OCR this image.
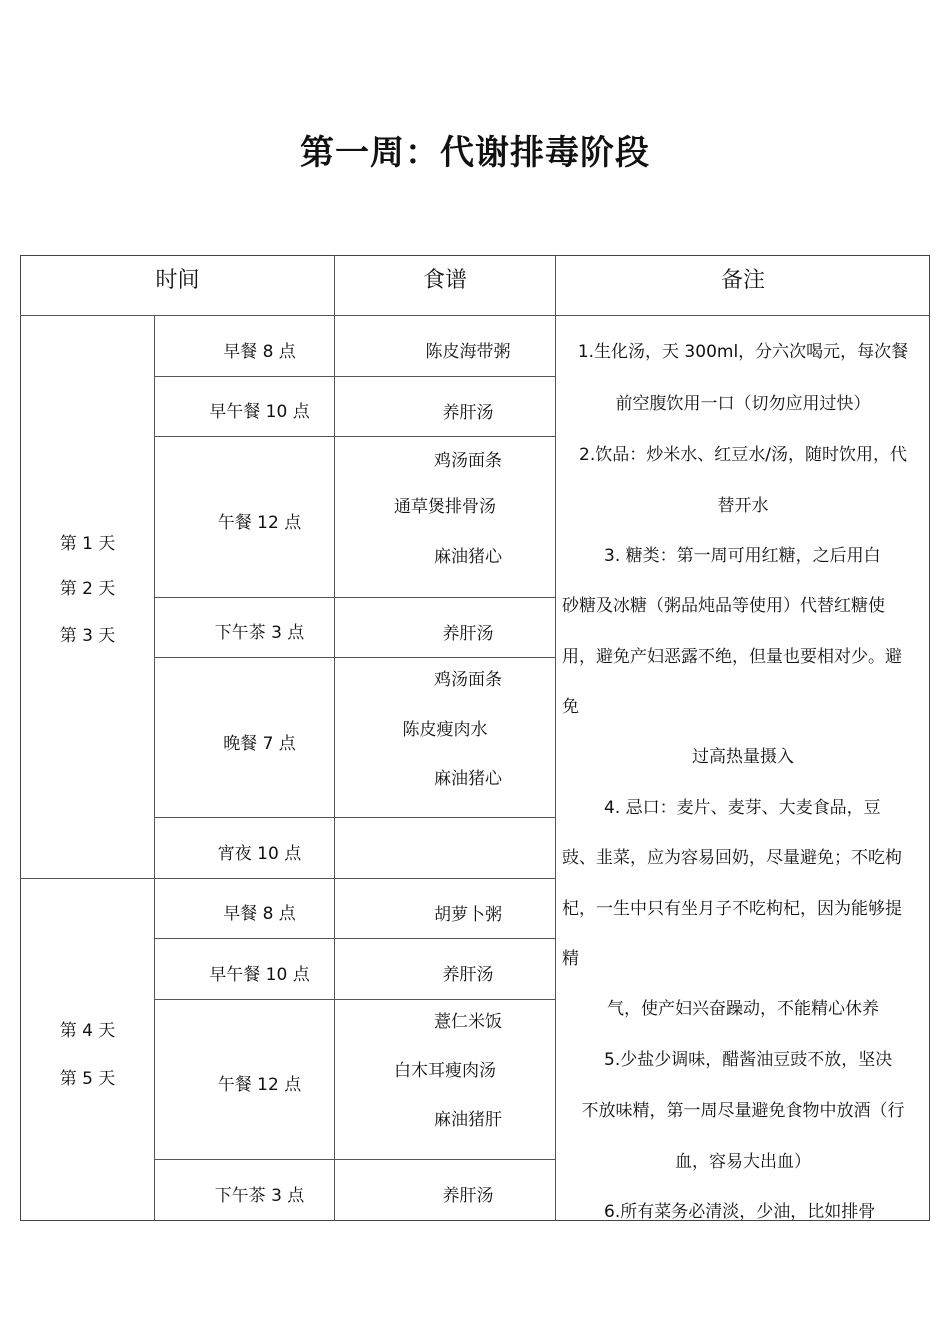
第一周：代谢排毒阶段
时间	食谱	备注
第 1 天
第 2 天
第 3 天
第 4 天
第 5 天
早餐 8 点
早午餐 10 点
午餐 12 点
下午茶 3 点
晚餐 7 点
宵夜 10 点
早餐 8 点
早午餐 10 点
午餐 12 点
下午茶 3 点
陈皮海带粥
养肝汤
鸡汤面条
通草煲排骨汤
麻油猪心
养肝汤
鸡汤面条
陈皮瘦肉水
麻油猪心
胡萝卜粥
养肝汤
薏仁米饭
白木耳瘦肉汤
麻油猪肝
养肝汤
1.生化汤，天 300ml，分六次喝元，每次餐
前空腹饮用一口（切勿应用过快）
2.饮品：炒米水、红豆水/汤，随时饮用，代
替开水
3. 糖类：第一周可用红糖，之后用白
砂糖及冰糖（粥品炖品等使用）代替红糖使
用，避免产妇恶露不绝，但量也要相对少。避
免
过高热量摄入
4. 忌口：麦片、麦芽、大麦食品，豆
豉、韭菜，应为容易回奶，尽量避免；不吃枸
杞，一生中只有坐月子不吃枸杞，因为能够提
精
气，使产妇兴奋躁动，不能精心休养
5.少盐少调味，醋酱油豆豉不放，坚决
不放味精，第一周尽量避免食物中放酒（行
血，容易大出血）
6.所有菜务必清淡，少油，比如排骨
